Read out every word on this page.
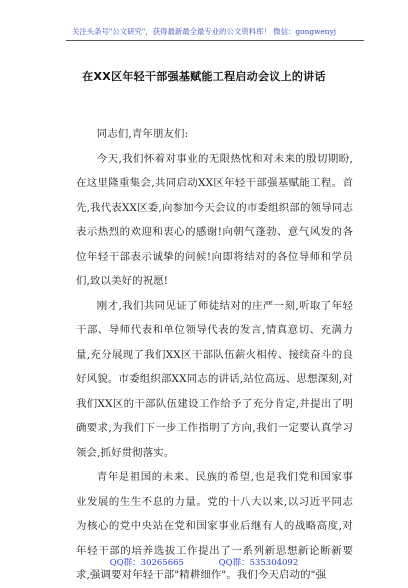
关注头条号"公文研究"，获得最新最全最专业的公文资料库！ 微信：gongwenyj
在XX区年轻干部强基赋能工程启动会议上的讲话

同志们,青年朋友们:

今天,我们怀着对事业的无限热忱和对未来的殷切期盼,在这里隆重集会,共同启动XX区年轻干部强基赋能工程。首先,我代表XX区委,向参加今天会议的市委组织部的领导同志表示热烈的欢迎和衷心的感谢!向朝气蓬勃、意气风发的各位年轻干部表示诚挚的问候!向即将结对的各位导师和学员们,致以美好的祝愿!

刚才,我们共同见证了师徒结对的庄严一刻,听取了年轻干部、导师代表和单位领导代表的发言,情真意切、充满力量,充分展现了我们XX区干部队伍薪火相传、接续奋斗的良好风貌。市委组织部XX同志的讲话,站位高远、思想深刻,对我们XX区的干部队伍建设工作给予了充分肯定,并提出了明确要求,为我们下一步工作指明了方向,我们一定要认真学习领会,抓好贯彻落实。

青年是祖国的未来、民族的希望,也是我们党和国家事业发展的生生不息的力量。党的十八大以来,以习近平同志为核心的党中央站在党和国家事业后继有人的战略高度,对年轻干部的培养选拔工作提出了一系列新思想新论断新要求,强调要对年轻干部"精耕细作"。我们今天启动的"强

QQ群：30265665	QQ群：535304092
